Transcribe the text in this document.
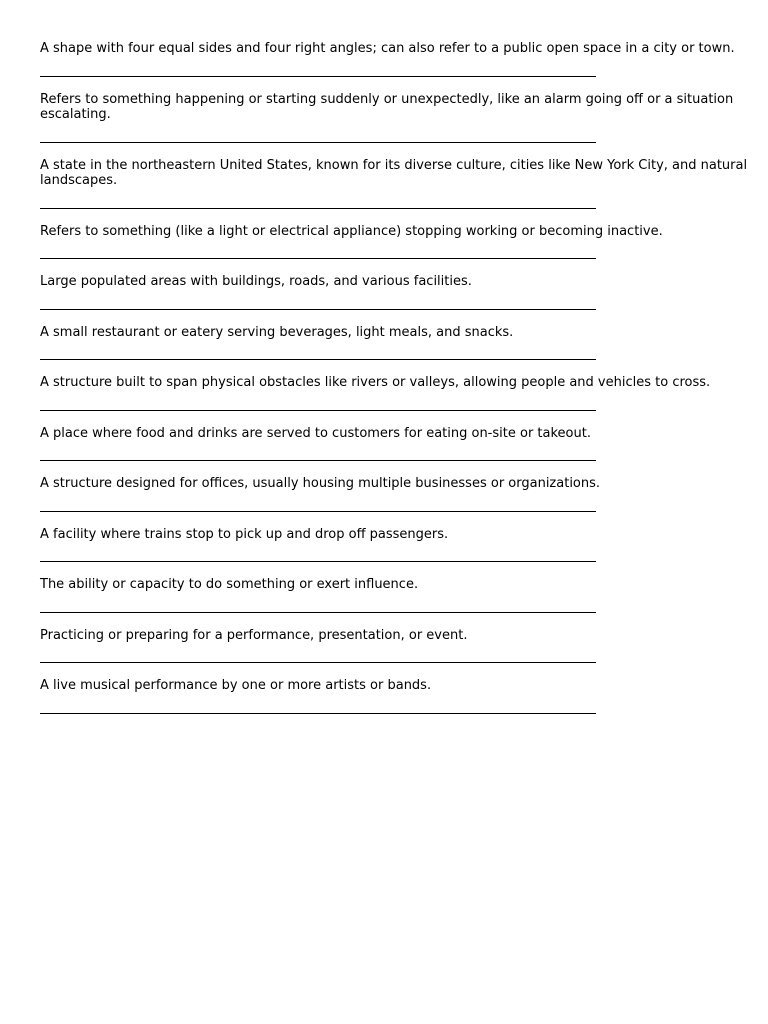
A shape with four equal sides and four right angles; can also refer to a public open space in a city or town.

Refers to something happening or starting suddenly or unexpectedly, like an alarm going off or a situation escalating.

A state in the northeastern United States, known for its diverse culture, cities like New York City, and natural landscapes.

Refers to something (like a light or electrical appliance) stopping working or becoming inactive.

Large populated areas with buildings, roads, and various facilities.

A small restaurant or eatery serving beverages, light meals, and snacks.

A structure built to span physical obstacles like rivers or valleys, allowing people and vehicles to cross.

A place where food and drinks are served to customers for eating on-site or takeout.

A structure designed for offices, usually housing multiple businesses or organizations.

A facility where trains stop to pick up and drop off passengers.

The ability or capacity to do something or exert influence.

Practicing or preparing for a performance, presentation, or event.

A live musical performance by one or more artists or bands.
